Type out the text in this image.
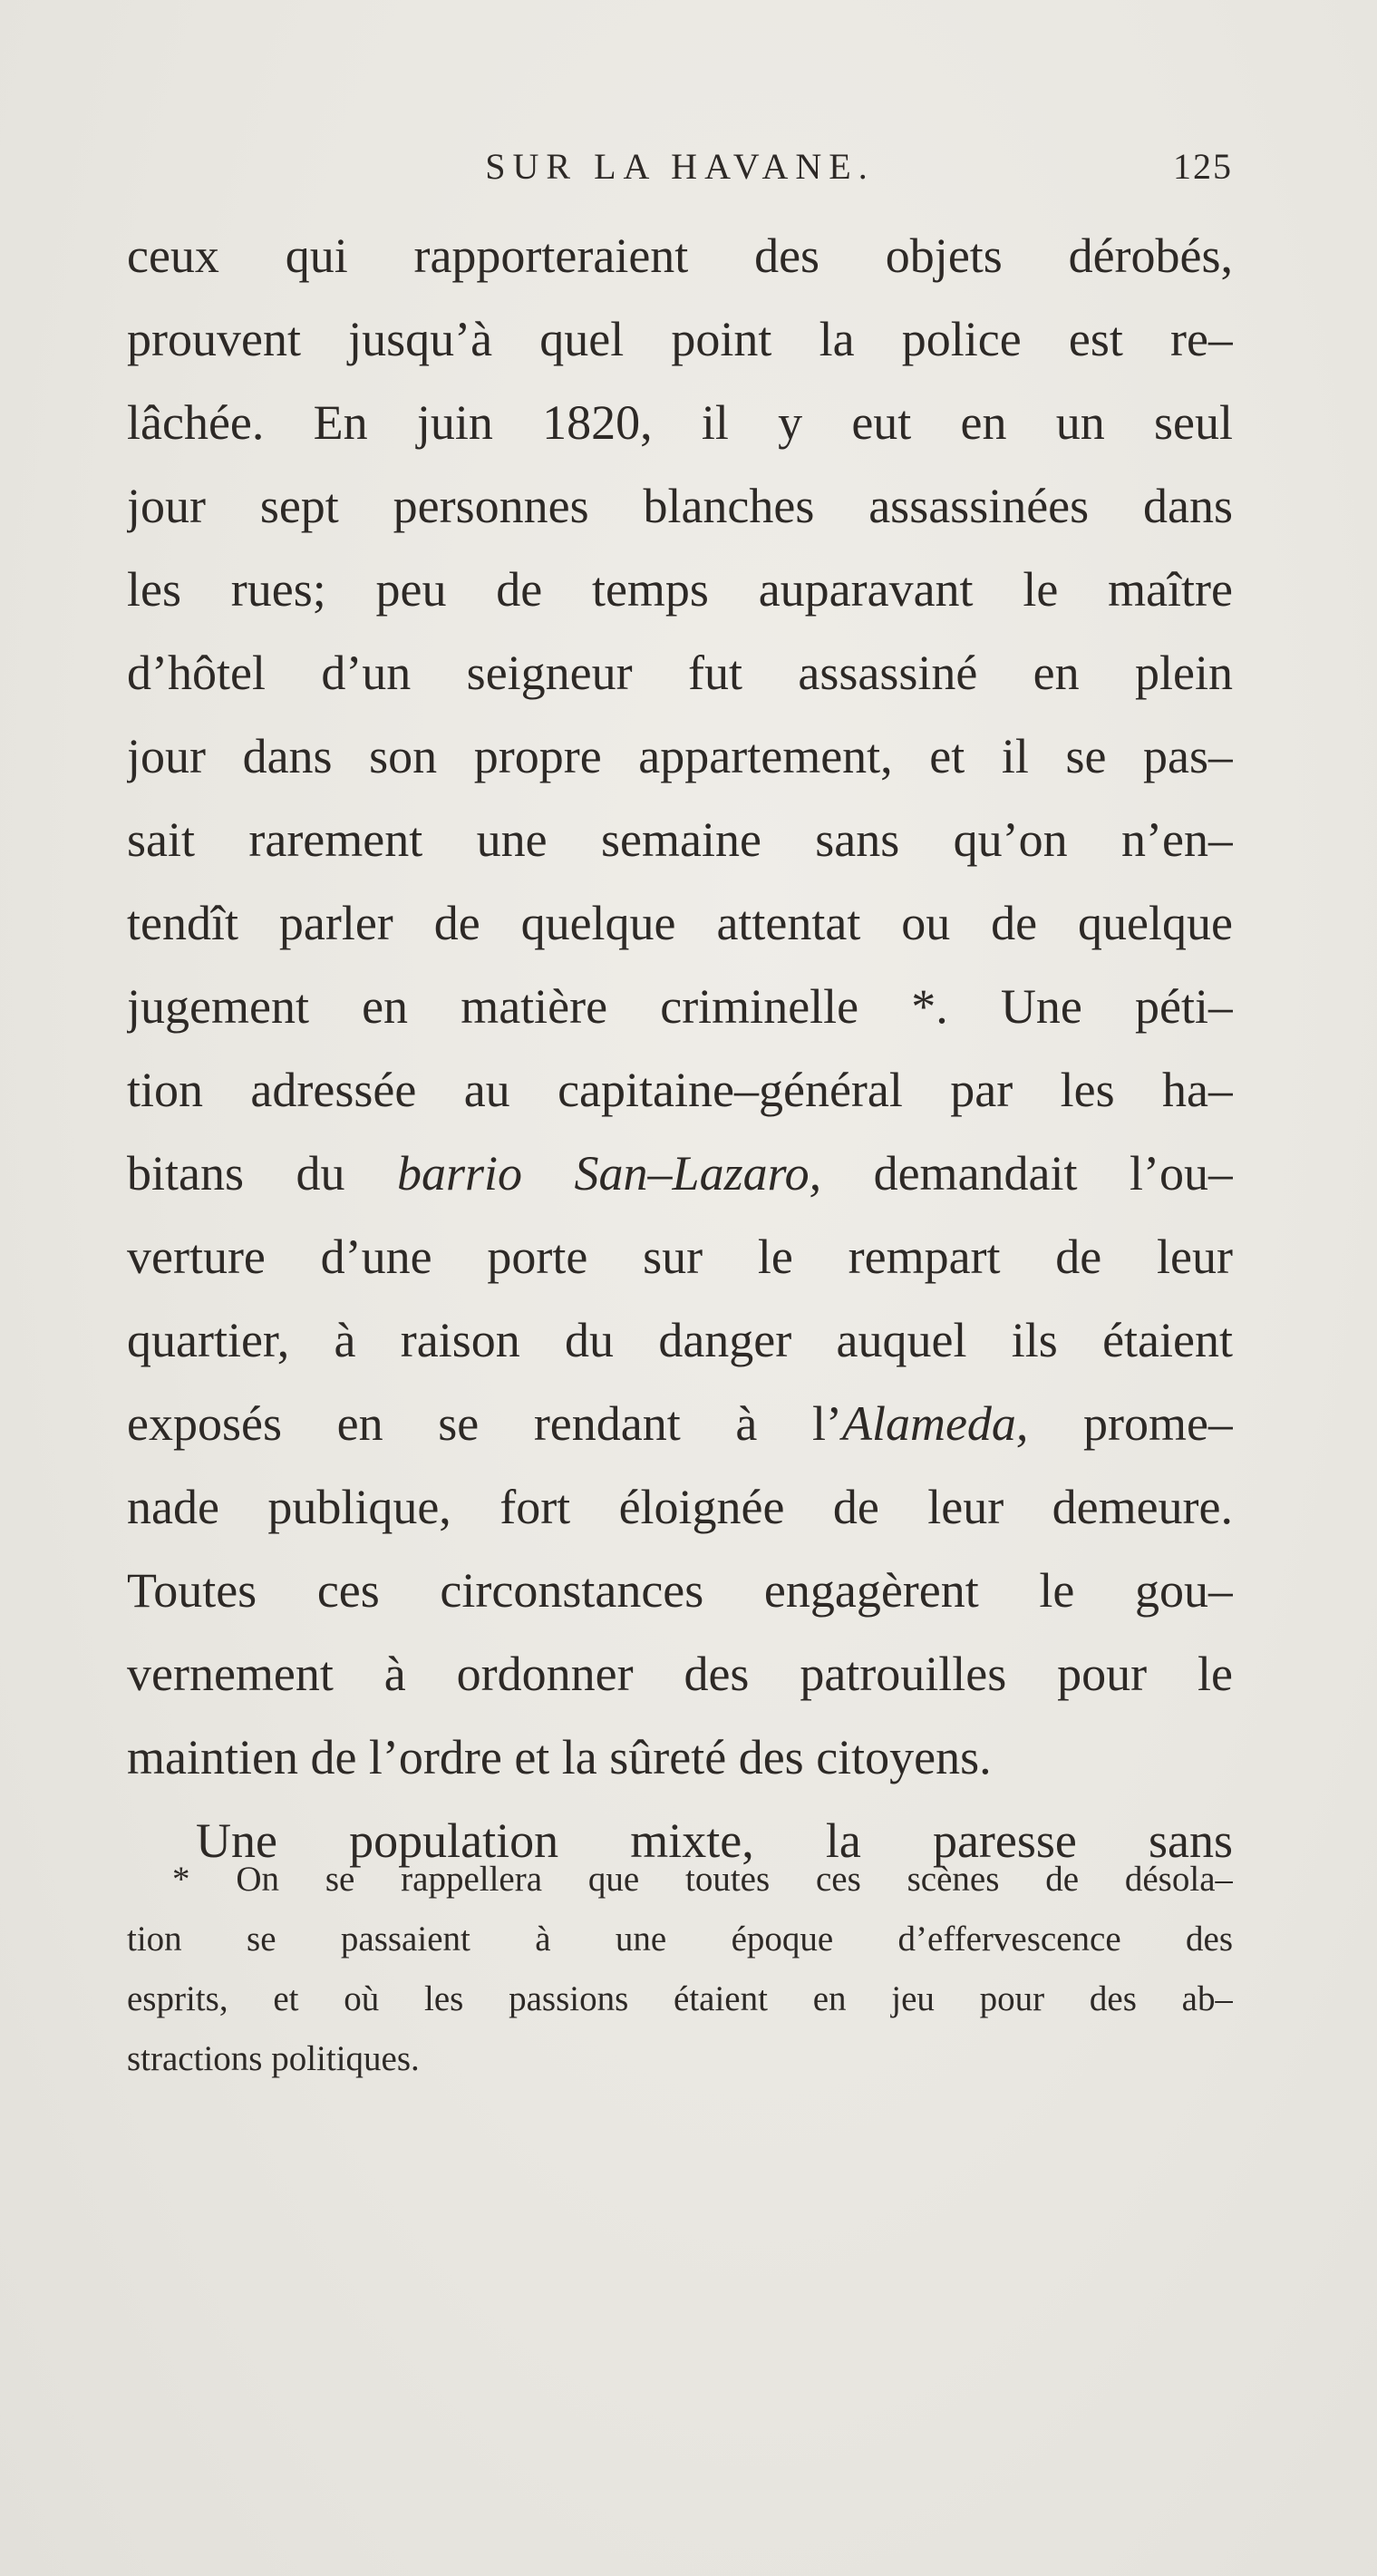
SUR LA HAVANE.	125
ceux qui rapporteraient des objets dérobés,
prouvent jusqu’à quel point la police est re–
lâchée. En juin 1820, il y eut en un seul
jour sept personnes blanches assassinées dans
les rues; peu de temps auparavant le maître
d’hôtel d’un seigneur fut assassiné en plein
jour dans son propre appartement, et il se pas–
sait rarement une semaine sans qu’on n’en–
tendît parler de quelque attentat ou de quelque
jugement en matière criminelle *. Une péti–
tion adressée au capitaine–général par les ha–
bitans du barrio San–Lazaro, demandait l’ou–
verture d’une porte sur le rempart de leur
quartier, à raison du danger auquel ils étaient
exposés en se rendant à l’Alameda, prome–
nade publique, fort éloignée de leur demeure.
Toutes ces circonstances engagèrent le gou–
vernement à ordonner des patrouilles pour le
maintien de l’ordre et la sûreté des citoyens.
Une population mixte, la paresse sans
* On se rappellera que toutes ces scènes de désola–
tion se passaient à une époque d’effervescence des
esprits, et où les passions étaient en jeu pour des ab–
stractions politiques.
